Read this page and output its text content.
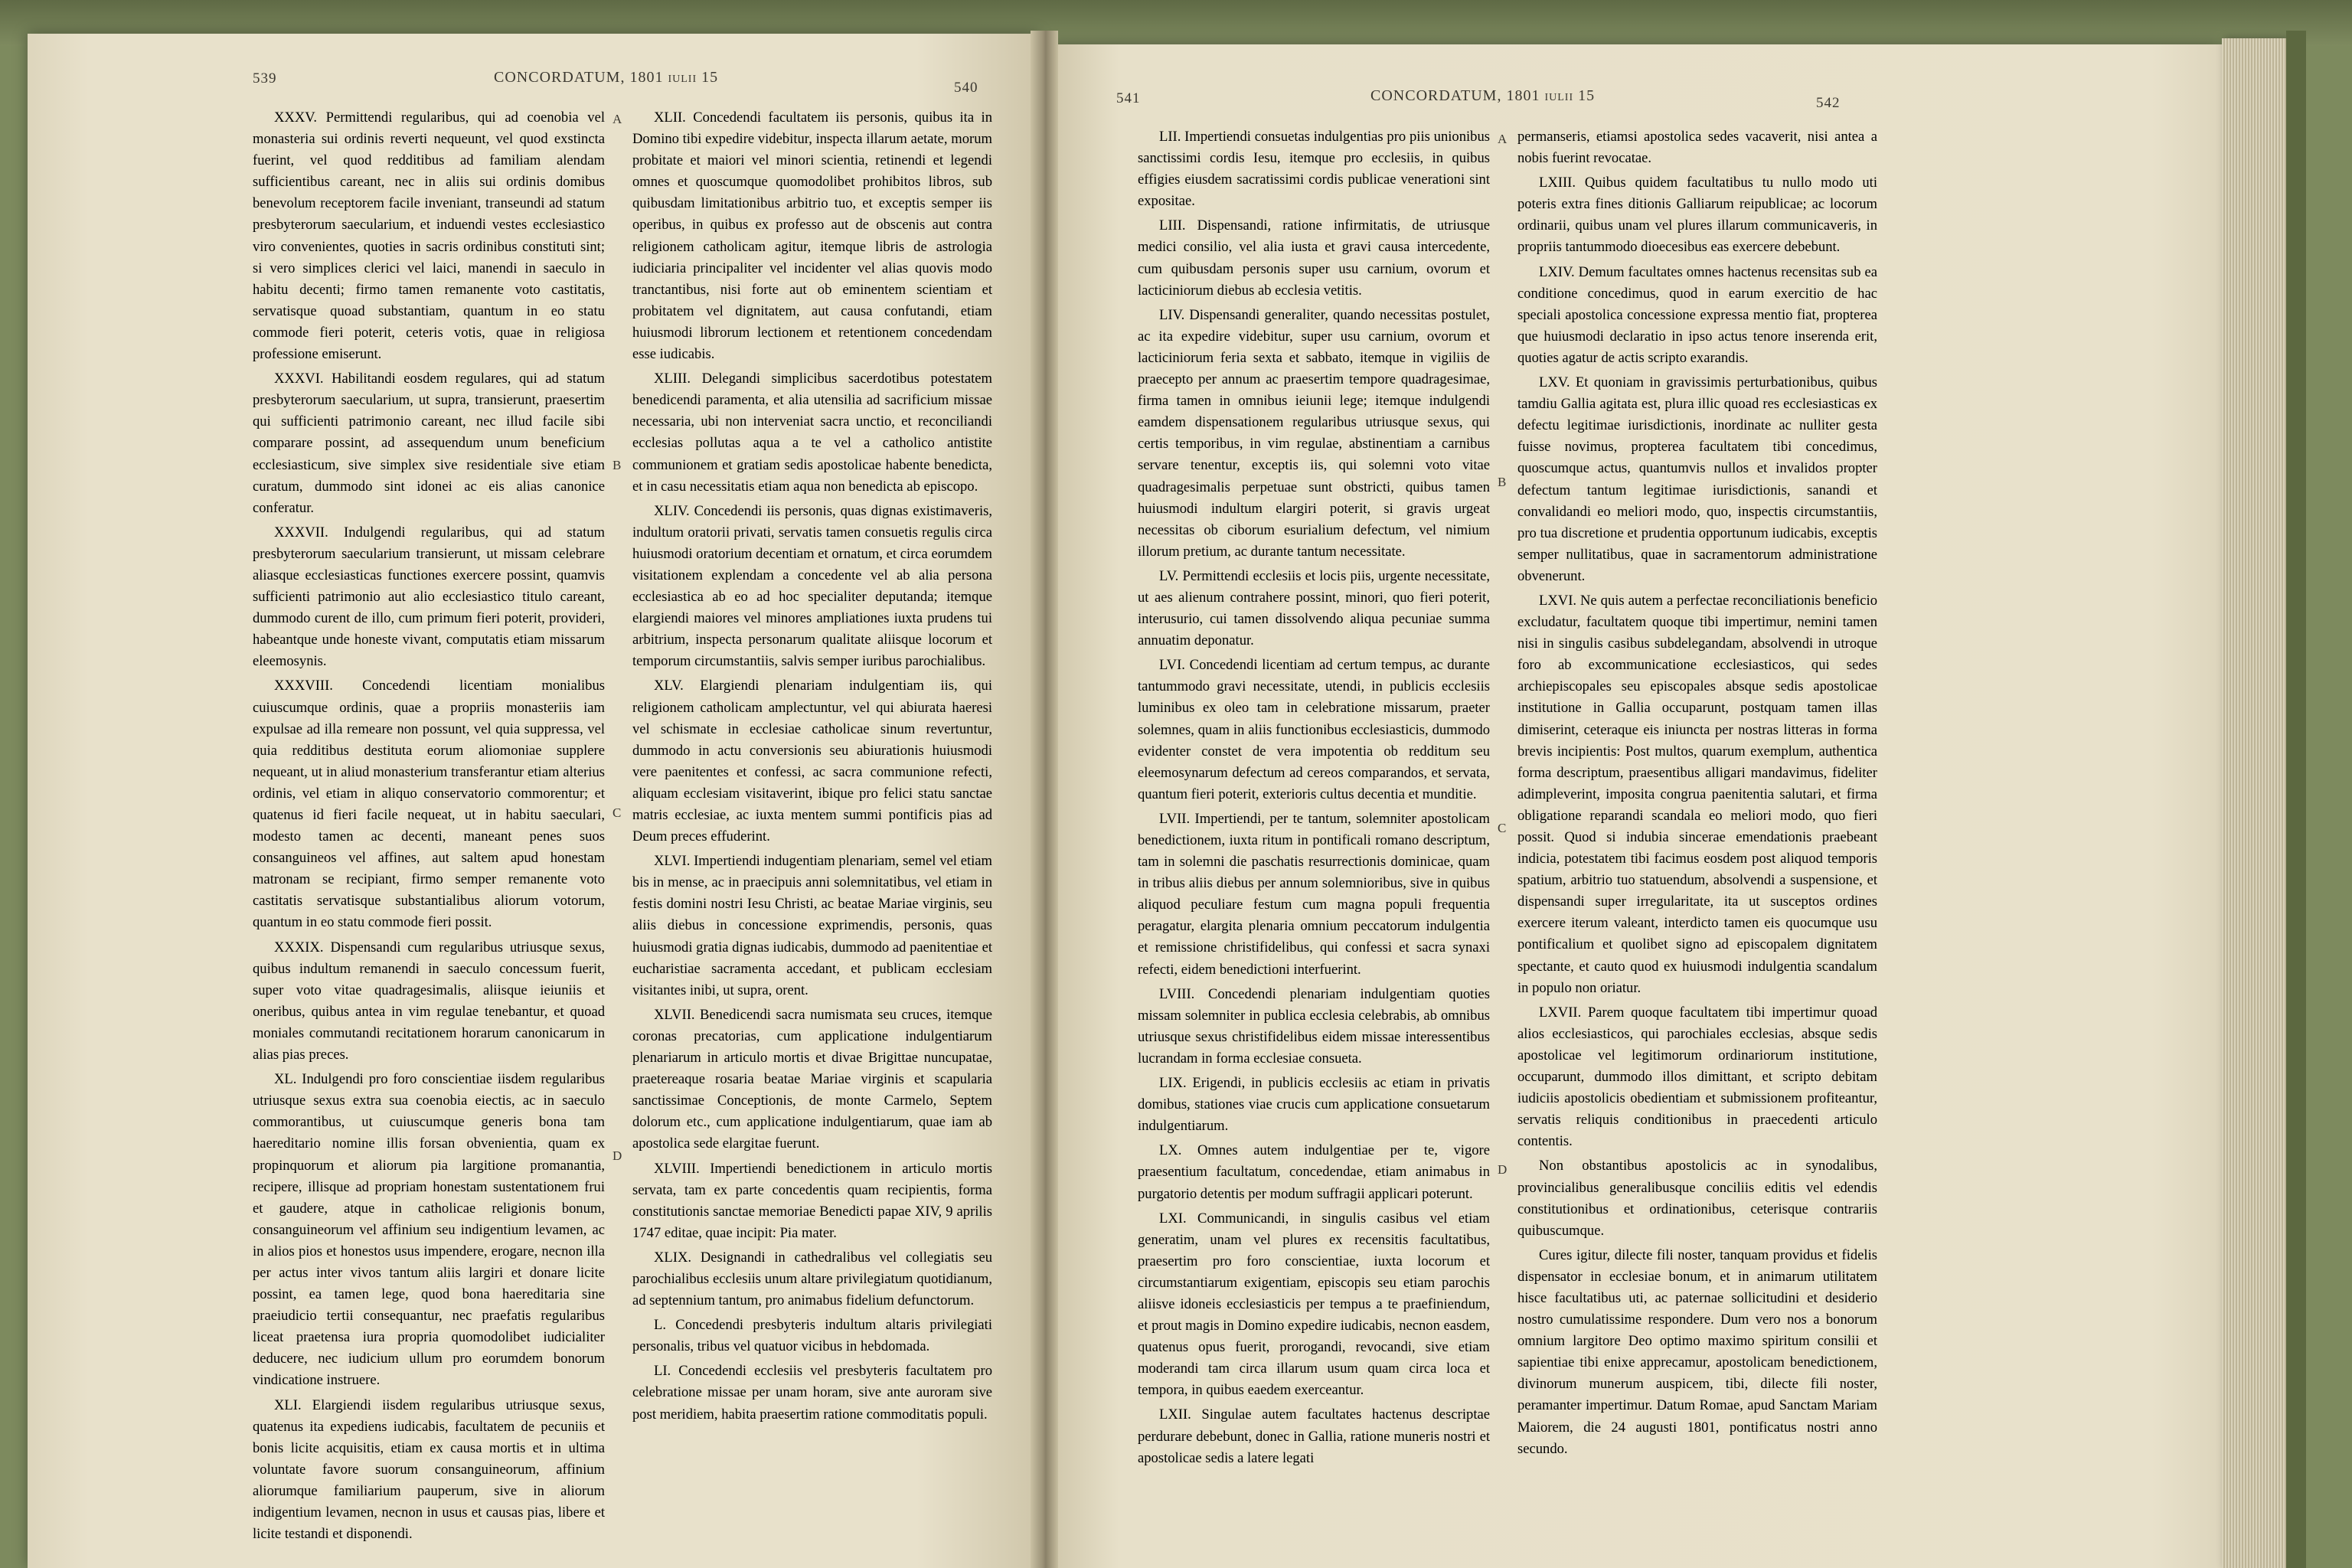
539	CONCORDATUM, 1801 iulii 15
540
541	CONCORDATUM, 1801 iulii 15	542
A
B
C
D
A
B
C
D

XXXV. Permittendi regularibus, qui ad coenobia vel monasteria sui ordinis reverti nequeunt, vel quod exstincta fuerint, vel quod redditibus ad familiam alendam sufficientibus careant, nec in aliis sui ordinis domibus benevolum receptorem facile inveniant, transeundi ad statum presbyterorum saecularium, et induendi vestes ecclesiastico viro convenientes, quoties in sacris ordinibus constituti sint; si vero simplices clerici vel laici, manendi in saeculo in habitu decenti; firmo tamen remanente voto castitatis, servatisque quoad substantiam, quantum in eo statu commode fieri poterit, ceteris votis, quae in religiosa professione emiserunt.

XXXVI. Habilitandi eosdem regulares, qui ad statum presbyterorum saecularium, ut supra, transierunt, praesertim qui sufficienti patrimonio careant, nec illud facile sibi comparare possint, ad assequendum unum beneficium ecclesiasticum, sive simplex sive residentiale sive etiam curatum, dummodo sint idonei ac eis alias canonice conferatur.

XXXVII. Indulgendi regularibus, qui ad statum presbyterorum saecularium transierunt, ut missam celebrare aliasque ecclesiasticas functiones exercere possint, quamvis sufficienti patrimonio aut alio ecclesiastico titulo careant, dummodo curent de illo, cum primum fieri poterit, provideri, habeantque unde honeste vivant, computatis etiam missarum eleemosynis.

XXXVIII. Concedendi licentiam monialibus cuiuscumque ordinis, quae a propriis monasteriis iam expulsae ad illa remeare non possunt, vel quia suppressa, vel quia redditibus destituta eorum aliomoniae supplere nequeant, ut in aliud monasterium transferantur etiam alterius ordinis, vel etiam in aliquo conservatorio commorentur; et quatenus id fieri facile nequeat, ut in habitu saeculari, modesto tamen ac decenti, maneant penes suos consanguineos vel affines, aut saltem apud honestam matronam se recipiant, firmo semper remanente voto castitatis servatisque substantialibus aliorum votorum, quantum in eo statu commode fieri possit.

XXXIX. Dispensandi cum regularibus utriusque sexus, quibus indultum remanendi in saeculo concessum fuerit, super voto vitae quadragesimalis, aliisque ieiuniis et oneribus, quibus antea in vim regulae tenebantur, et quoad moniales commutandi recitationem horarum canonicarum in alias pias preces.

XL. Indulgendi pro foro conscientiae iisdem regularibus utriusque sexus extra sua coenobia eiectis, ac in saeculo commorantibus, ut cuiuscumque generis bona tam haereditario nomine illis forsan obvenientia, quam ex propinquorum et aliorum pia largitione promanantia, recipere, illisque ad propriam honestam sustentationem frui et gaudere, atque in catholicae religionis bonum, consanguineorum vel affinium seu indigentium levamen, ac in alios pios et honestos usus impendere, erogare, necnon illa per actus inter vivos tantum aliis largiri et donare licite possint, ea tamen lege, quod bona haereditaria sine praeiudicio tertii consequantur, nec praefatis regularibus liceat praetensa iura propria quomodolibet iudicialiter deducere, nec iudicium ullum pro eorumdem bonorum vindicatione instruere.

XLI. Elargiendi iisdem regularibus utriusque sexus, quatenus ita expediens iudicabis, facultatem de pecuniis et bonis licite acquisitis, etiam ex causa mortis et in ultima voluntate favore suorum consanguineorum, affinium aliorumque familiarium pauperum, sive in aliorum indigentium levamen, necnon in usus et causas pias, libere et licite testandi et disponendi.

XLII. Concedendi facultatem iis personis, quibus ita in Domino tibi expedire videbitur, inspecta illarum aetate, morum probitate et maiori vel minori scientia, retinendi et legendi omnes et quoscumque quomodolibet prohibitos libros, sub quibusdam limitationibus arbitrio tuo, et exceptis semper iis operibus, in quibus ex professo aut de obscenis aut contra religionem catholicam agitur, itemque libris de astrologia iudiciaria principaliter vel incidenter vel alias quovis modo tranctantibus, nisi forte aut ob eminentem scientiam et probitatem vel dignitatem, aut causa confutandi, etiam huiusmodi librorum lectionem et retentionem concedendam esse iudicabis.

XLIII. Delegandi simplicibus sacerdotibus potestatem benedicendi paramenta, et alia utensilia ad sacrificium missae necessaria, ubi non interveniat sacra unctio, et reconciliandi ecclesias pollutas aqua a te vel a catholico antistite communionem et gratiam sedis apostolicae habente benedicta, et in casu necessitatis etiam aqua non benedicta ab episcopo.

XLIV. Concedendi iis personis, quas dignas existimaveris, indultum oratorii privati, servatis tamen consuetis regulis circa huiusmodi oratorium decentiam et ornatum, et circa eorumdem visitationem explendam a concedente vel ab alia persona ecclesiastica ab eo ad hoc specialiter deputanda; itemque elargiendi maiores vel minores ampliationes iuxta prudens tui arbitrium, inspecta personarum qualitate aliisque locorum et temporum circumstantiis, salvis semper iuribus parochialibus.

XLV. Elargiendi plenariam indulgentiam iis, qui religionem catholicam amplectuntur, vel qui abiurata haeresi vel schismate in ecclesiae catholicae sinum revertuntur, dummodo in actu conversionis seu abiurationis huiusmodi vere paenitentes et confessi, ac sacra communione refecti, aliquam ecclesiam visitaverint, ibique pro felici statu sanctae matris ecclesiae, ac iuxta mentem summi pontificis pias ad Deum preces effuderint.

XLVI. Impertiendi indugentiam plenariam, semel vel etiam bis in mense, ac in praecipuis anni solemnitatibus, vel etiam in festis domini nostri Iesu Christi, ac beatae Mariae virginis, seu aliis diebus in concessione exprimendis, personis, quas huiusmodi gratia dignas iudicabis, dummodo ad paenitentiae et eucharistiae sacramenta accedant, et publicam ecclesiam visitantes inibi, ut supra, orent.

XLVII. Benedicendi sacra numismata seu cruces, itemque coronas precatorias, cum applicatione indulgentiarum plenariarum in articulo mortis et divae Brigittae nuncupatae, praetereaque rosaria beatae Mariae virginis et scapularia sanctissimae Conceptionis, de monte Carmelo, Septem dolorum etc., cum applicatione indulgentiarum, quae iam ab apostolica sede elargitae fuerunt.

XLVIII. Impertiendi benedictionem in articulo mortis servata, tam ex parte concedentis quam recipientis, forma constitutionis sanctae memoriae Benedicti papae XIV, 9 aprilis 1747 editae, quae incipit: Pia mater.

XLIX. Designandi in cathedralibus vel collegiatis seu parochialibus ecclesiis unum altare privilegiatum quotidianum, ad septennium tantum, pro animabus fidelium defunctorum.

L. Concedendi presbyteris indultum altaris privilegiati personalis, tribus vel quatuor vicibus in hebdomada.

LI. Concedendi ecclesiis vel presbyteris facultatem pro celebratione missae per unam horam, sive ante auroram sive post meridiem, habita praesertim ratione commoditatis populi.

LII. Impertiendi consuetas indulgentias pro piis unionibus sanctissimi cordis Iesu, itemque pro ecclesiis, in quibus effigies eiusdem sacratissimi cordis publicae venerationi sint expositae.

LIII. Dispensandi, ratione infirmitatis, de utriusque medici consilio, vel alia iusta et gravi causa intercedente, cum quibusdam personis super usu carnium, ovorum et lacticiniorum diebus ab ecclesia vetitis.

LIV. Dispensandi generaliter, quando necessitas postulet, ac ita expedire videbitur, super usu carnium, ovorum et lacticiniorum feria sexta et sabbato, itemque in vigiliis de praecepto per annum ac praesertim tempore quadragesimae, firma tamen in omnibus ieiunii lege; itemque indulgendi eamdem dispensationem regularibus utriusque sexus, qui certis temporibus, in vim regulae, abstinentiam a carnibus servare tenentur, exceptis iis, qui solemni voto vitae quadragesimalis perpetuae sunt obstricti, quibus tamen huiusmodi indultum elargiri poterit, si gravis urgeat necessitas ob ciborum esurialium defectum, vel nimium illorum pretium, ac durante tantum necessitate.

LV. Permittendi ecclesiis et locis piis, urgente necessitate, ut aes alienum contrahere possint, minori, quo fieri poterit, interusurio, cui tamen dissolvendo aliqua pecuniae summa annuatim deponatur.

LVI. Concedendi licentiam ad certum tempus, ac durante tantummodo gravi necessitate, utendi, in publicis ecclesiis luminibus ex oleo tam in celebratione missarum, praeter solemnes, quam in aliis functionibus ecclesiasticis, dummodo evidenter constet de vera impotentia ob redditum seu eleemosynarum defectum ad cereos comparandos, et servata, quantum fieri poterit, exterioris cultus decentia et munditie.

LVII. Impertiendi, per te tantum, solemniter apostolicam benedictionem, iuxta ritum in pontificali romano descriptum, tam in solemni die paschatis resurrectionis dominicae, quam in tribus aliis diebus per annum solemnioribus, sive in quibus aliquod peculiare festum cum magna populi frequentia peragatur, elargita plenaria omnium peccatorum indulgentia et remissione christifidelibus, qui confessi et sacra synaxi refecti, eidem benedictioni interfuerint.

LVIII. Concedendi plenariam indulgentiam quoties missam solemniter in publica ecclesia celebrabis, ab omnibus utriusque sexus christifidelibus eidem missae interessentibus lucrandam in forma ecclesiae consueta.

LIX. Erigendi, in publicis ecclesiis ac etiam in privatis domibus, stationes viae crucis cum applicatione consuetarum indulgentiarum.

LX. Omnes autem indulgentiae per te, vigore praesentium facultatum, concedendae, etiam animabus in purgatorio detentis per modum suffragii applicari poterunt.

LXI. Communicandi, in singulis casibus vel etiam generatim, unam vel plures ex recensitis facultatibus, praesertim pro foro conscientiae, iuxta locorum et circumstantiarum exigentiam, episcopis seu etiam parochis aliisve idoneis ecclesiasticis per tempus a te praefiniendum, et prout magis in Domino expedire iudicabis, necnon easdem, quatenus opus fuerit, prorogandi, revocandi, sive etiam moderandi tam circa illarum usum quam circa loca et tempora, in quibus eaedem exerceantur.

LXII. Singulae autem facultates hactenus descriptae perdurare debebunt, donec in Gallia, ratione muneris nostri et apostolicae sedis a latere legati

permanseris, etiamsi apostolica sedes vacaverit, nisi antea a nobis fuerint revocatae.

LXIII. Quibus quidem facultatibus tu nullo modo uti poteris extra fines ditionis Galliarum reipublicae; ac locorum ordinarii, quibus unam vel plures illarum communicaveris, in propriis tantummodo dioecesibus eas exercere debebunt.

LXIV. Demum facultates omnes hactenus recensitas sub ea conditione concedimus, quod in earum exercitio de hac speciali apostolica concessione expressa mentio fiat, propterea que huiusmodi declaratio in ipso actus tenore inserenda erit, quoties agatur de actis scripto exarandis.

LXV. Et quoniam in gravissimis perturbationibus, quibus tamdiu Gallia agitata est, plura illic quoad res ecclesiasticas ex defectu legitimae iurisdictionis, inordinate ac nulliter gesta fuisse novimus, propterea facultatem tibi concedimus, quoscumque actus, quantumvis nullos et invalidos propter defectum tantum legitimae iurisdictionis, sanandi et convalidandi eo meliori modo, quo, inspectis circumstantiis, pro tua discretione et prudentia opportunum iudicabis, exceptis semper nullitatibus, quae in sacramentorum administratione obvenerunt.

LXVI. Ne quis autem a perfectae reconciliationis beneficio excludatur, facultatem quoque tibi impertimur, nemini tamen nisi in singulis casibus subdelegandam, absolvendi in utroque foro ab excommunicatione ecclesiasticos, qui sedes archiepiscopales seu episcopales absque sedis apostolicae institutione in Gallia occuparunt, postquam tamen illas dimiserint, ceteraque eis iniuncta per nostras litteras in forma brevis incipientis: Post multos, quarum exemplum, authentica forma descriptum, praesentibus alligari mandavimus, fideliter adimpleverint, imposita congrua paenitentia salutari, et firma obligatione reparandi scandala eo meliori modo, quo fieri possit. Quod si indubia sincerae emendationis praebeant indicia, potestatem tibi facimus eosdem post aliquod temporis spatium, arbitrio tuo statuendum, absolvendi a suspensione, et dispensandi super irregularitate, ita ut susceptos ordines exercere iterum valeant, interdicto tamen eis quocumque usu pontificalium et quolibet signo ad episcopalem dignitatem spectante, et cauto quod ex huiusmodi indulgentia scandalum in populo non oriatur.

LXVII. Parem quoque facultatem tibi impertimur quoad alios ecclesiasticos, qui parochiales ecclesias, absque sedis apostolicae vel legitimorum ordinariorum institutione, occuparunt, dummodo illos dimittant, et scripto debitam iudiciis apostolicis obedientiam et submissionem profiteantur, servatis reliquis conditionibus in praecedenti articulo contentis.

Non obstantibus apostolicis ac in synodalibus, provincialibus generalibusque conciliis editis vel edendis constitutionibus et ordinationibus, ceterisque contrariis quibuscumque.

Cures igitur, dilecte fili noster, tanquam providus et fidelis dispensator in ecclesiae bonum, et in animarum utilitatem hisce facultatibus uti, ac paternae sollicitudini et desiderio nostro cumulatissime respondere. Dum vero nos a bonorum omnium largitore Deo optimo maximo spiritum consilii et sapientiae tibi enixe apprecamur, apostolicam benedictionem, divinorum munerum auspicem, tibi, dilecte fili noster, peramanter impertimur. Datum Romae, apud Sanctam Mariam Maiorem, die 24 augusti 1801, pontificatus nostri anno secundo.
